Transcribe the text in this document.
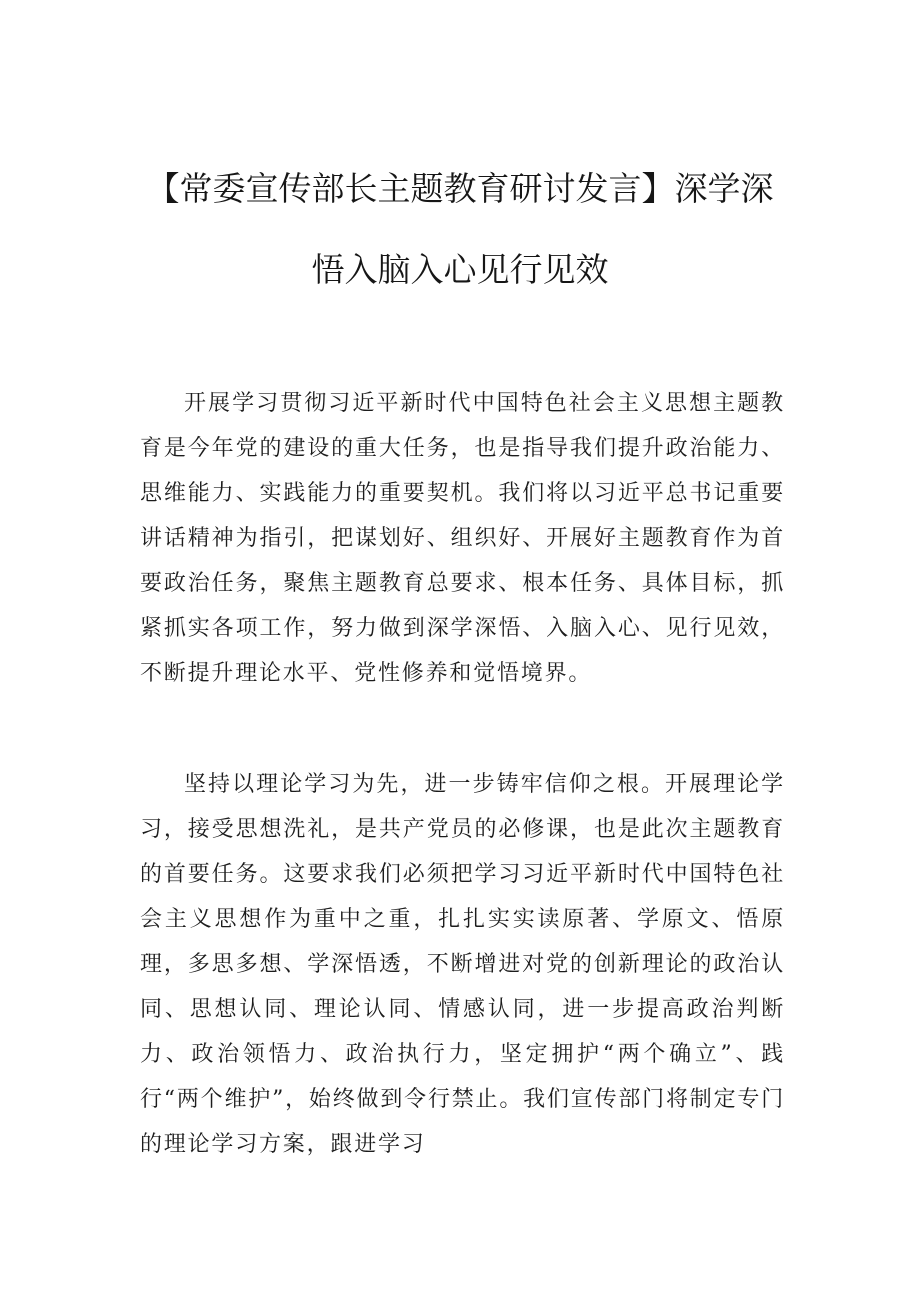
【常委宣传部长主题教育研讨发言】深学深
悟入脑入心见行见效
开展学习贯彻习近平新时代中国特色社会主义思想主题教育是今年党的建设的重大任务，也是指导我们提升政治能力、思维能力、实践能力的重要契机。我们将以习近平总书记重要讲话精神为指引，把谋划好、组织好、开展好主题教育作为首要政治任务，聚焦主题教育总要求、根本任务、具体目标，抓紧抓实各项工作，努力做到深学深悟、入脑入心、见行见效，不断提升理论水平、党性修养和觉悟境界。
坚持以理论学习为先，进一步铸牢信仰之根。开展理论学习，接受思想洗礼，是共产党员的必修课，也是此次主题教育的首要任务。这要求我们必须把学习习近平新时代中国特色社会主义思想作为重中之重，扎扎实实读原著、学原文、悟原理，多思多想、学深悟透，不断增进对党的创新理论的政治认同、思想认同、理论认同、情感认同，进一步提高政治判断力、政治领悟力、政治执行力，坚定拥护“两个确立”、践行“两个维护”，始终做到令行禁止。我们宣传部门将制定专门的理论学习方案，跟进学习
